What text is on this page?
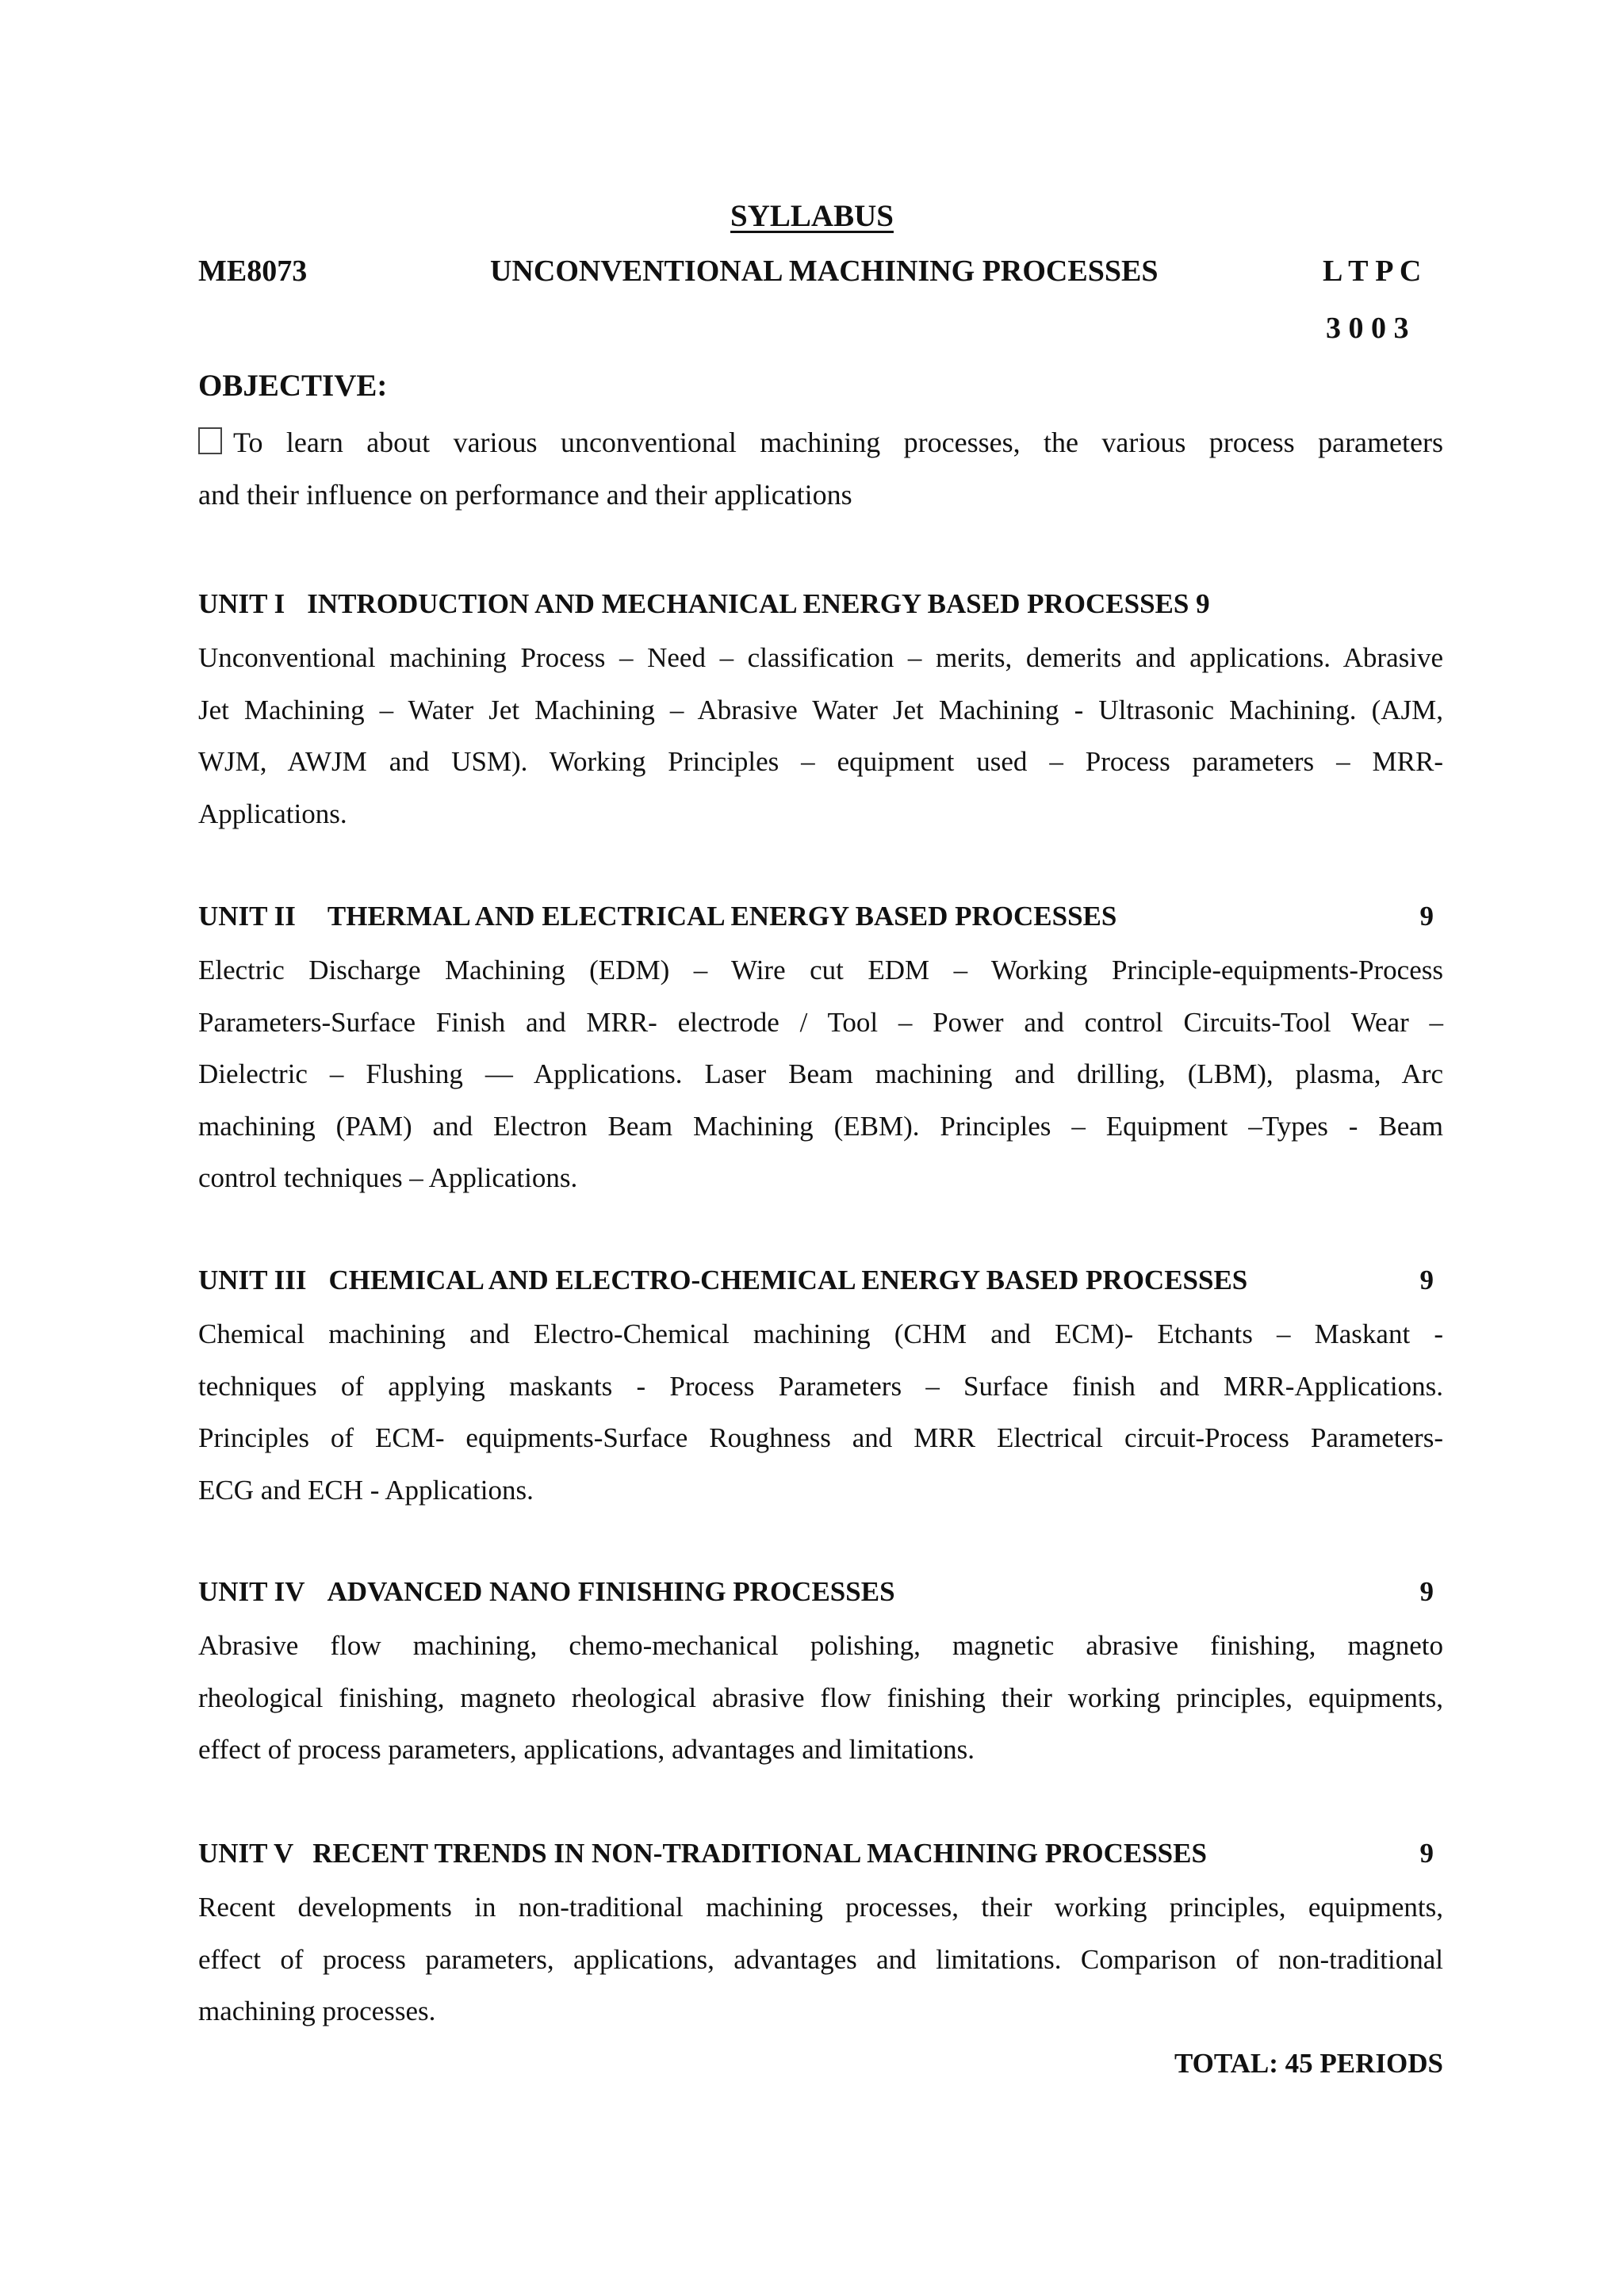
SYLLABUS
ME8073	UNCONVENTIONAL MACHINING PROCESSES	L T P C
3 0 0 3
OBJECTIVE:
To learn about various unconventional machining processes, the various process parameters
and their influence on performance and their applications
UNIT I INTRODUCTION AND MECHANICAL ENERGY BASED PROCESSES 9
Unconventional machining Process – Need – classification – merits, demerits and applications. Abrasive
Jet Machining – Water Jet Machining – Abrasive Water Jet Machining - Ultrasonic Machining. (AJM,
WJM, AWJM and USM). Working Principles – equipment used – Process parameters – MRR-
Applications.
UNIT II THERMAL AND ELECTRICAL ENERGY BASED PROCESSES	9
Electric Discharge Machining (EDM) – Wire cut EDM – Working Principle-equipments-Process
Parameters-Surface Finish and MRR- electrode / Tool – Power and control Circuits-Tool Wear –
Dielectric – Flushing — Applications. Laser Beam machining and drilling, (LBM), plasma, Arc
machining (PAM) and Electron Beam Machining (EBM). Principles – Equipment –Types - Beam
control techniques – Applications.
UNIT III CHEMICAL AND ELECTRO-CHEMICAL ENERGY BASED PROCESSES	9
Chemical machining and Electro-Chemical machining (CHM and ECM)- Etchants – Maskant -
techniques of applying maskants - Process Parameters – Surface finish and MRR-Applications.
Principles of ECM- equipments-Surface Roughness and MRR Electrical circuit-Process Parameters-
ECG and ECH - Applications.
UNIT IV ADVANCED NANO FINISHING PROCESSES	9
Abrasive flow machining, chemo-mechanical polishing, magnetic abrasive finishing, magneto
rheological finishing, magneto rheological abrasive flow finishing their working principles, equipments,
effect of process parameters, applications, advantages and limitations.
UNIT V RECENT TRENDS IN NON-TRADITIONAL MACHINING PROCESSES	9
Recent developments in non-traditional machining processes, their working principles, equipments,
effect of process parameters, applications, advantages and limitations. Comparison of non-traditional
machining processes.
TOTAL: 45 PERIODS
